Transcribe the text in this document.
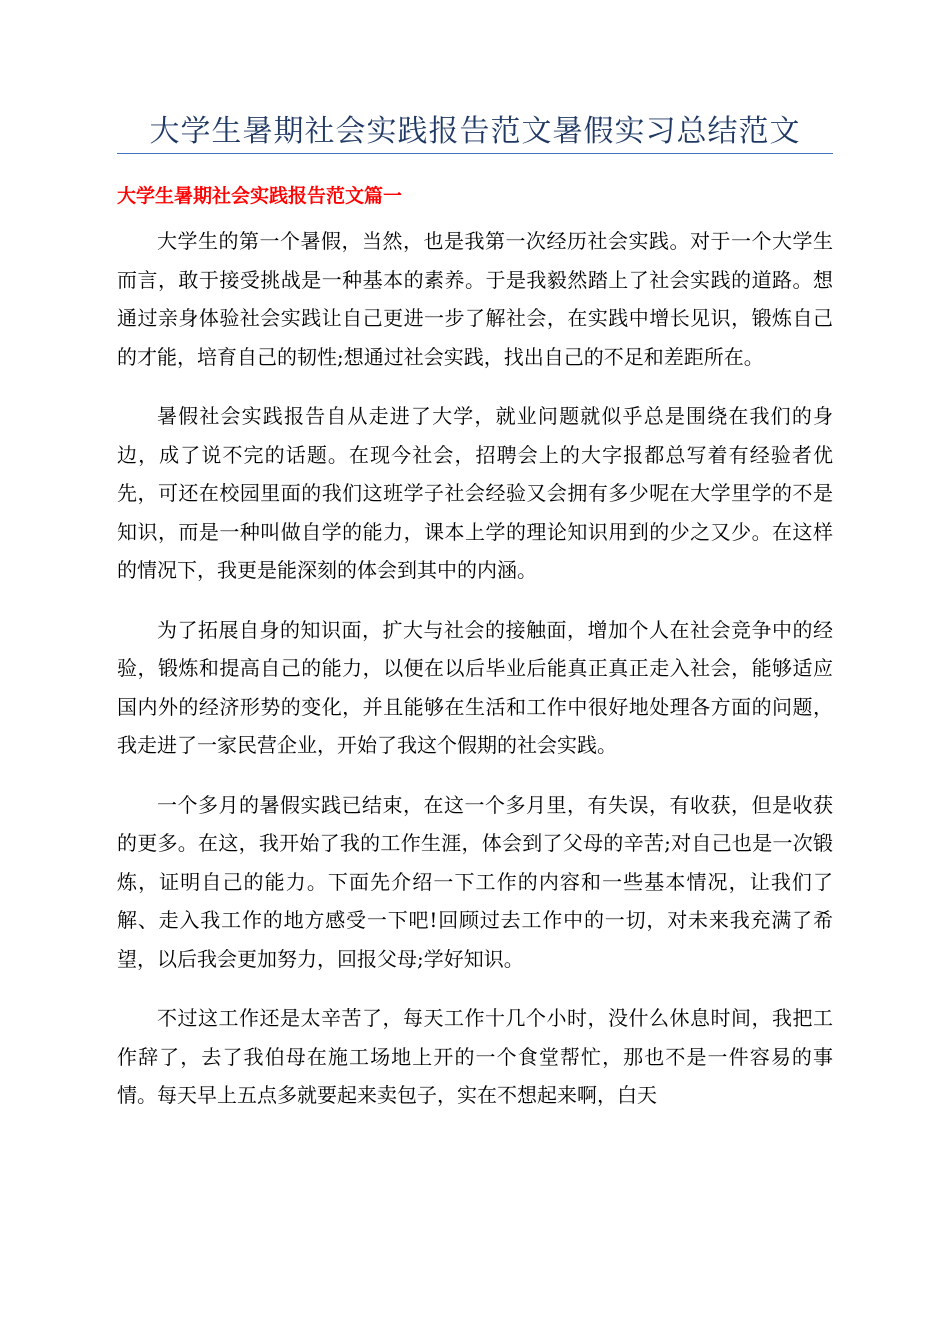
大学生暑期社会实践报告范文暑假实习总结范文
大学生暑期社会实践报告范文篇一

大学生的第一个暑假，当然，也是我第一次经历社会实践。对于一个大学生而言，敢于接受挑战是一种基本的素养。于是我毅然踏上了社会实践的道路。想通过亲身体验社会实践让自己更进一步了解社会，在实践中增长见识，锻炼自己的才能，培育自己的韧性;想通过社会实践，找出自己的不足和差距所在。

暑假社会实践报告自从走进了大学，就业问题就似乎总是围绕在我们的身边，成了说不完的话题。在现今社会，招聘会上的大字报都总写着有经验者优先，可还在校园里面的我们这班学子社会经验又会拥有多少呢在大学里学的不是知识，而是一种叫做自学的能力，课本上学的理论知识用到的少之又少。在这样的情况下，我更是能深刻的体会到其中的内涵。

为了拓展自身的知识面，扩大与社会的接触面，增加个人在社会竞争中的经验，锻炼和提高自己的能力，以便在以后毕业后能真正真正走入社会，能够适应国内外的经济形势的变化，并且能够在生活和工作中很好地处理各方面的问题，我走进了一家民营企业，开始了我这个假期的社会实践。

一个多月的暑假实践已结束，在这一个多月里，有失误，有收获，但是收获的更多。在这，我开始了我的工作生涯，体会到了父母的辛苦;对自己也是一次锻炼，证明自己的能力。下面先介绍一下工作的内容和一些基本情况，让我们了解、走入我工作的地方感受一下吧!回顾过去工作中的一切，对未来我充满了希望，以后我会更加努力，回报父母;学好知识。

不过这工作还是太辛苦了，每天工作十几个小时，没什么休息时间，我把工作辞了，去了我伯母在施工场地上开的一个食堂帮忙，那也不是一件容易的事情。每天早上五点多就要起来卖包子，实在不想起来啊，白天
